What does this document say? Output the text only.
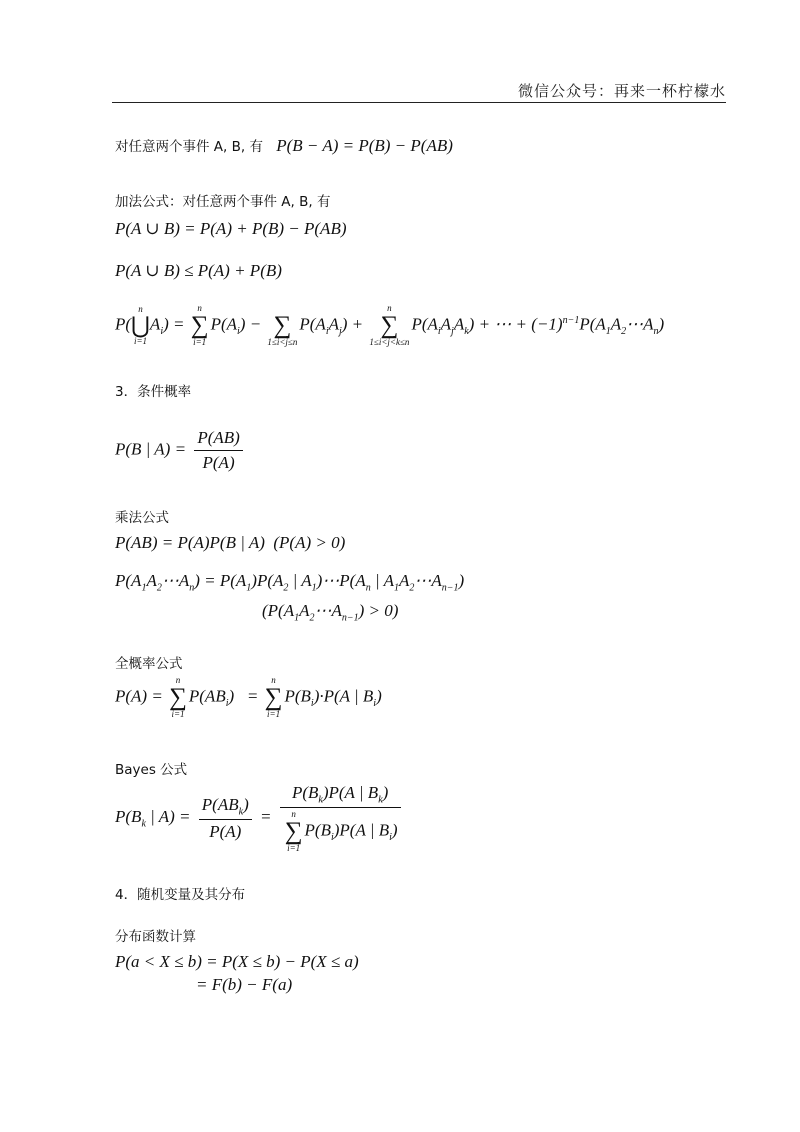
微信公众号：再来一杯柠檬水
对任意两个事件 A, B, 有   P(B − A) = P(B) − P(AB)
加法公式：对任意两个事件 A, B, 有
P(A ∪ B) = P(A) + P(B) − P(AB)
P(A ∪ B) ≤ P(A) + P(B)
P(
n
⋃
i=1
$A_i$) =
n
∑
i=1
$P(A_i)$ −
∑
1≤i<j≤n
$P(A_iA_j)$ +
n
∑
1≤i<j<k≤n
$P(A_iA_jA_k)$ + ⋯ + $(-1)^{n-1}P(A_1A_2\cdots A_n)$
3．条件概率
P(B | $A) = \frac{P(AB)}{P(A)}$
乘法公式
P(AB) = P(A)P(B | A)  (P(A) > 0)
$P(A_1A_2\cdots A_n) = P(A_1)P(A_2$ | $A_1)\cdots P(A_n$ | $A_1A_2\cdots A_{n-1}$)
$(P(A_1A_2\cdots A_{n-1}) > 0)$
全概率公式
P(A) =
n
∑
i=1
$P(AB_i)$   =
n
∑
i=1
$P(B_i)\cdot P(A$ | $B_i$)
Bayes 公式
$P(B_k$ | $A) = \frac{P(AB_k)}{P(A)} = P(B_k)P(A$ | $B_k$)
n
∑
i=1
$P(B_i)P(A$ | $B_i$)
4．随机变量及其分布
分布函数计算
P(a < X ≤ b) = P(X ≤ b) − P(X ≤ a)
= F(b) − F(a)
